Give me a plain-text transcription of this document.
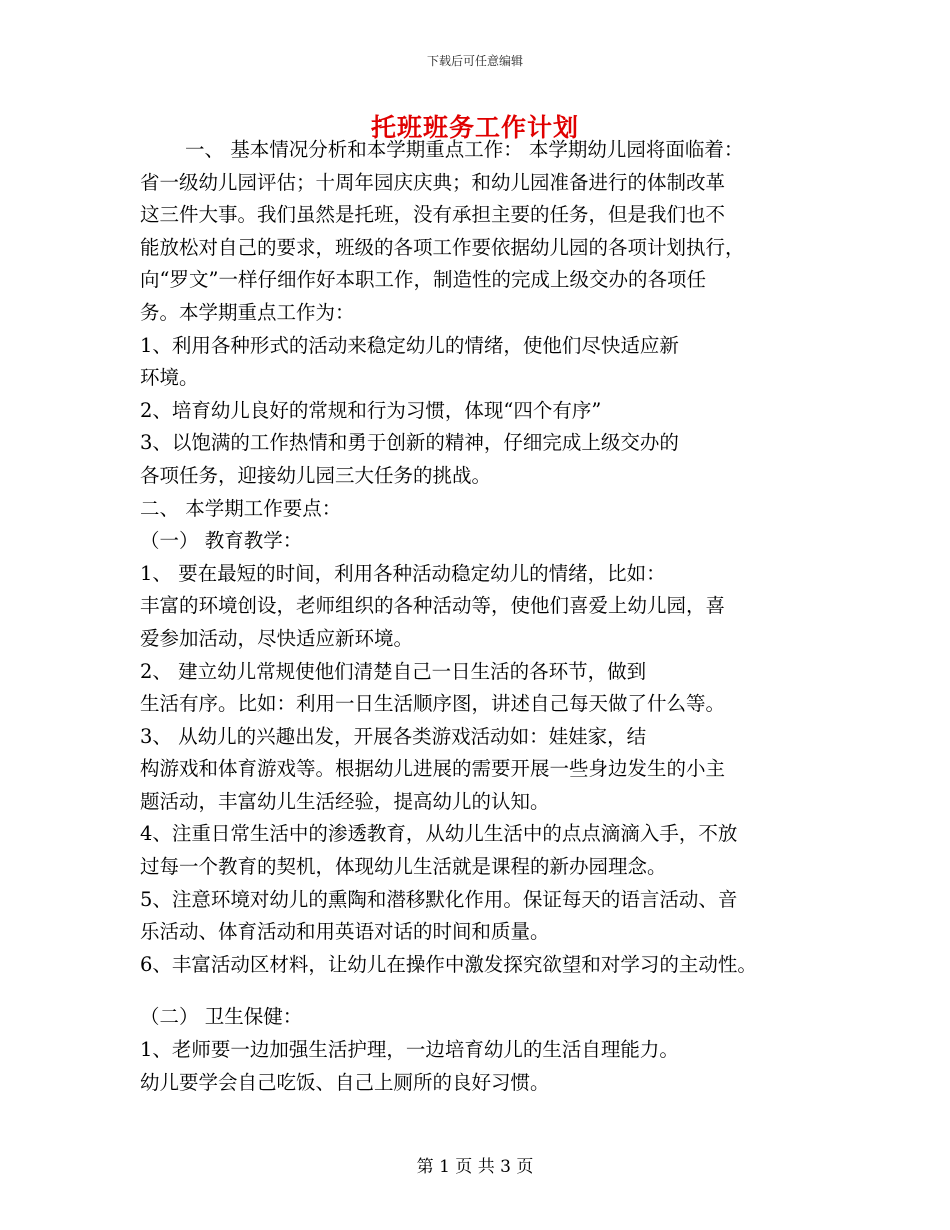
下载后可任意编辑
托班班务工作计划
一、 基本情况分析和本学期重点工作： 本学期幼儿园将面临着：
省一级幼儿园评估；十周年园庆庆典；和幼儿园准备进行的体制改革
这三件大事。我们虽然是托班，没有承担主要的任务，但是我们也不
能放松对自己的要求，班级的各项工作要依据幼儿园的各项计划执行，
向“罗文”一样仔细作好本职工作，制造性的完成上级交办的各项任
务。本学期重点工作为：
1、利用各种形式的活动来稳定幼儿的情绪，使他们尽快适应新
环境。
2、培育幼儿良好的常规和行为习惯，体现“四个有序”
3、以饱满的工作热情和勇于创新的精神，仔细完成上级交办的
各项任务，迎接幼儿园三大任务的挑战。
二、 本学期工作要点：
（一） 教育教学：
1、 要在最短的时间，利用各种活动稳定幼儿的情绪，比如：
丰富的环境创设，老师组织的各种活动等，使他们喜爱上幼儿园，喜
爱参加活动，尽快适应新环境。
2、 建立幼儿常规使他们清楚自己一日生活的各环节，做到
生活有序。比如：利用一日生活顺序图，讲述自己每天做了什么等。
3、 从幼儿的兴趣出发，开展各类游戏活动如：娃娃家，结
构游戏和体育游戏等。根据幼儿进展的需要开展一些身边发生的小主
题活动，丰富幼儿生活经验，提高幼儿的认知。
4、注重日常生活中的渗透教育，从幼儿生活中的点点滴滴入手，不放
过每一个教育的契机，体现幼儿生活就是课程的新办园理念。
5、注意环境对幼儿的熏陶和潜移默化作用。保证每天的语言活动、音
乐活动、体育活动和用英语对话的时间和质量。
6、丰富活动区材料，让幼儿在操作中激发探究欲望和对学习的主动性。
（二） 卫生保健：
1、老师要一边加强生活护理，一边培育幼儿的生活自理能力。
幼儿要学会自己吃饭、自己上厕所的良好习惯。
第 1 页 共 3 页
